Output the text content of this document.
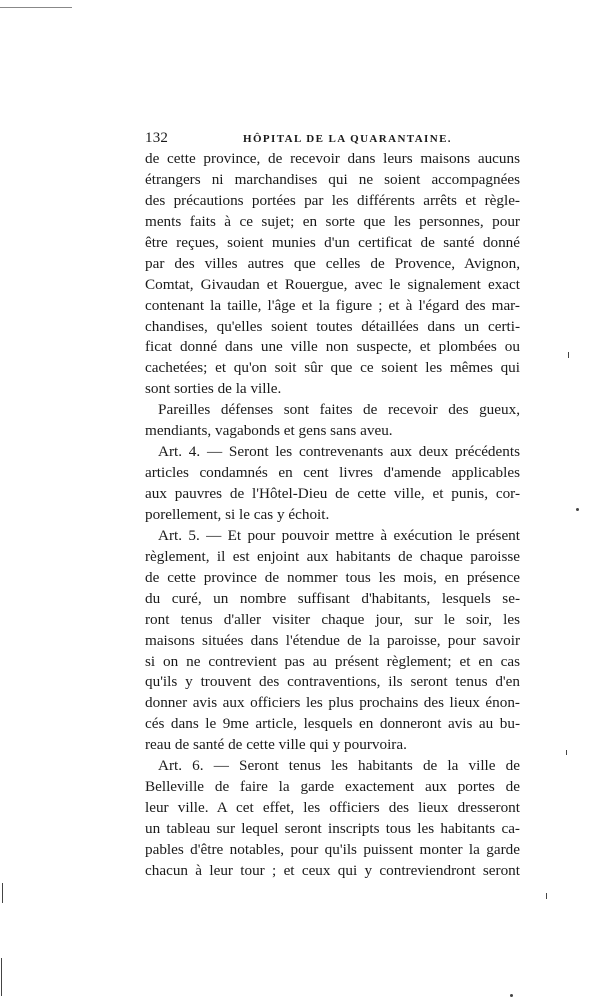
132	HÔPITAL DE LA QUARANTAINE.
de cette province, de recevoir dans leurs maisons aucuns
étrangers ni marchandises qui ne soient accompagnées
des précautions portées par les différents arrêts et règle-
ments faits à ce sujet; en sorte que les personnes, pour
être reçues, soient munies d'un certificat de santé donné
par des villes autres que celles de Provence, Avignon,
Comtat, Givaudan et Rouergue, avec le signalement exact
contenant la taille, l'âge et la figure ; et à l'égard des mar-
chandises, qu'elles soient toutes détaillées dans un certi-
ficat donné dans une ville non suspecte, et plombées ou
cachetées; et qu'on soit sûr que ce soient les mêmes qui
sont sorties de la ville.
Pareilles défenses sont faites de recevoir des gueux,
mendiants, vagabonds et gens sans aveu.
Art. 4. — Seront les contrevenants aux deux précédents
articles condamnés en cent livres d'amende applicables
aux pauvres de l'Hôtel-Dieu de cette ville, et punis, cor-
porellement, si le cas y échoit.
Art. 5. — Et pour pouvoir mettre à exécution le présent
règlement, il est enjoint aux habitants de chaque paroisse
de cette province de nommer tous les mois, en présence
du curé, un nombre suffisant d'habitants, lesquels se-
ront tenus d'aller visiter chaque jour, sur le soir, les
maisons situées dans l'étendue de la paroisse, pour savoir
si on ne contrevient pas au présent règlement; et en cas
qu'ils y trouvent des contraventions, ils seront tenus d'en
donner avis aux officiers les plus prochains des lieux énon-
cés dans le 9me article, lesquels en donneront avis au bu-
reau de santé de cette ville qui y pourvoira.
Art. 6. — Seront tenus les habitants de la ville de
Belleville de faire la garde exactement aux portes de
leur ville. A cet effet, les officiers des lieux dresseront
un tableau sur lequel seront inscripts tous les habitants ca-
pables d'être notables, pour qu'ils puissent monter la garde
chacun à leur tour ; et ceux qui y contreviendront seront
